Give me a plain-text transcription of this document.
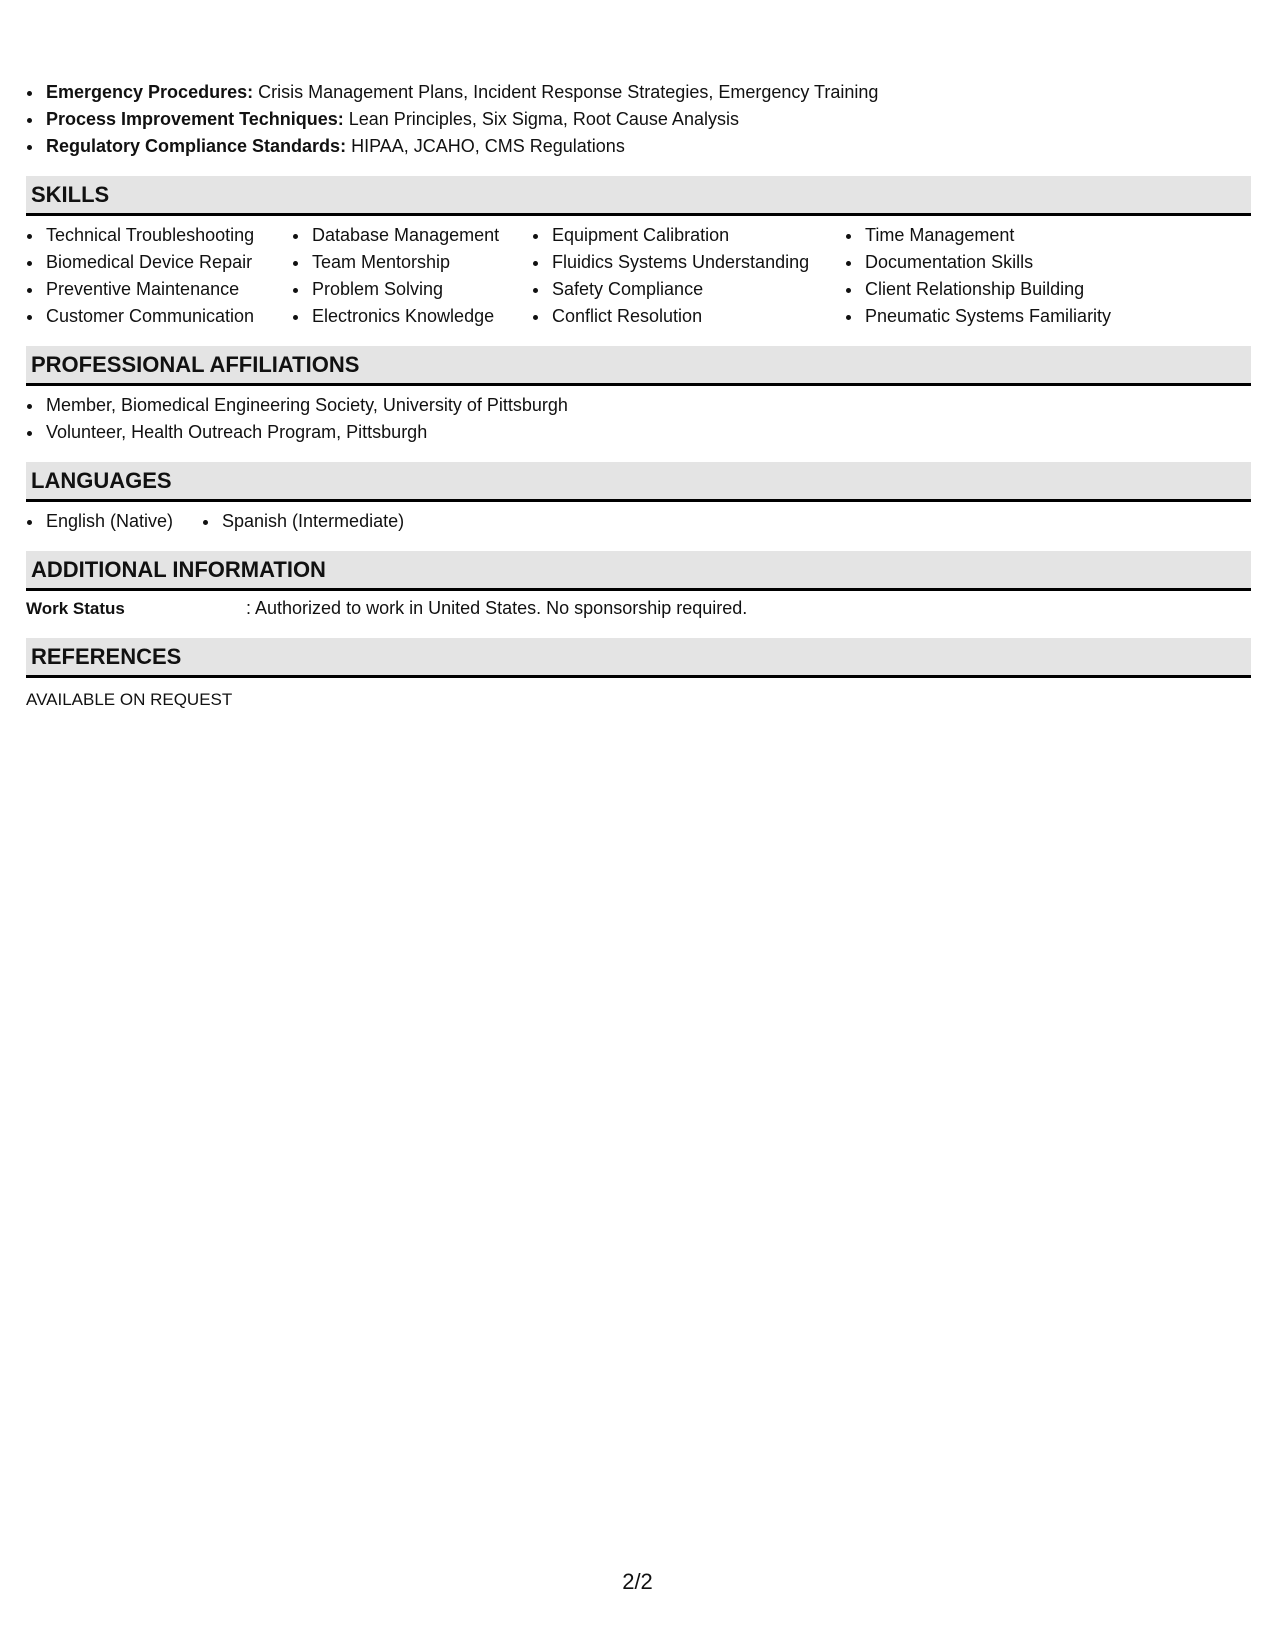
• Emergency Procedures: Crisis Management Plans, Incident Response Strategies, Emergency Training
• Process Improvement Techniques: Lean Principles, Six Sigma, Root Cause Analysis
• Regulatory Compliance Standards: HIPAA, JCAHO, CMS Regulations
SKILLS
• Technical Troubleshooting
• Biomedical Device Repair
• Preventive Maintenance
• Customer Communication
• Database Management
• Team Mentorship
• Problem Solving
• Electronics Knowledge
• Equipment Calibration
• Fluidics Systems Understanding
• Safety Compliance
• Conflict Resolution
• Time Management
• Documentation Skills
• Client Relationship Building
• Pneumatic Systems Familiarity
PROFESSIONAL AFFILIATIONS
• Member, Biomedical Engineering Society, University of Pittsburgh
• Volunteer, Health Outreach Program, Pittsburgh
LANGUAGES
• English (Native)
•	Spanish (Intermediate)
ADDITIONAL INFORMATION
Work Status	: Authorized to work in United States. No sponsorship required.
REFERENCES
AVAILABLE ON REQUEST
2/2
